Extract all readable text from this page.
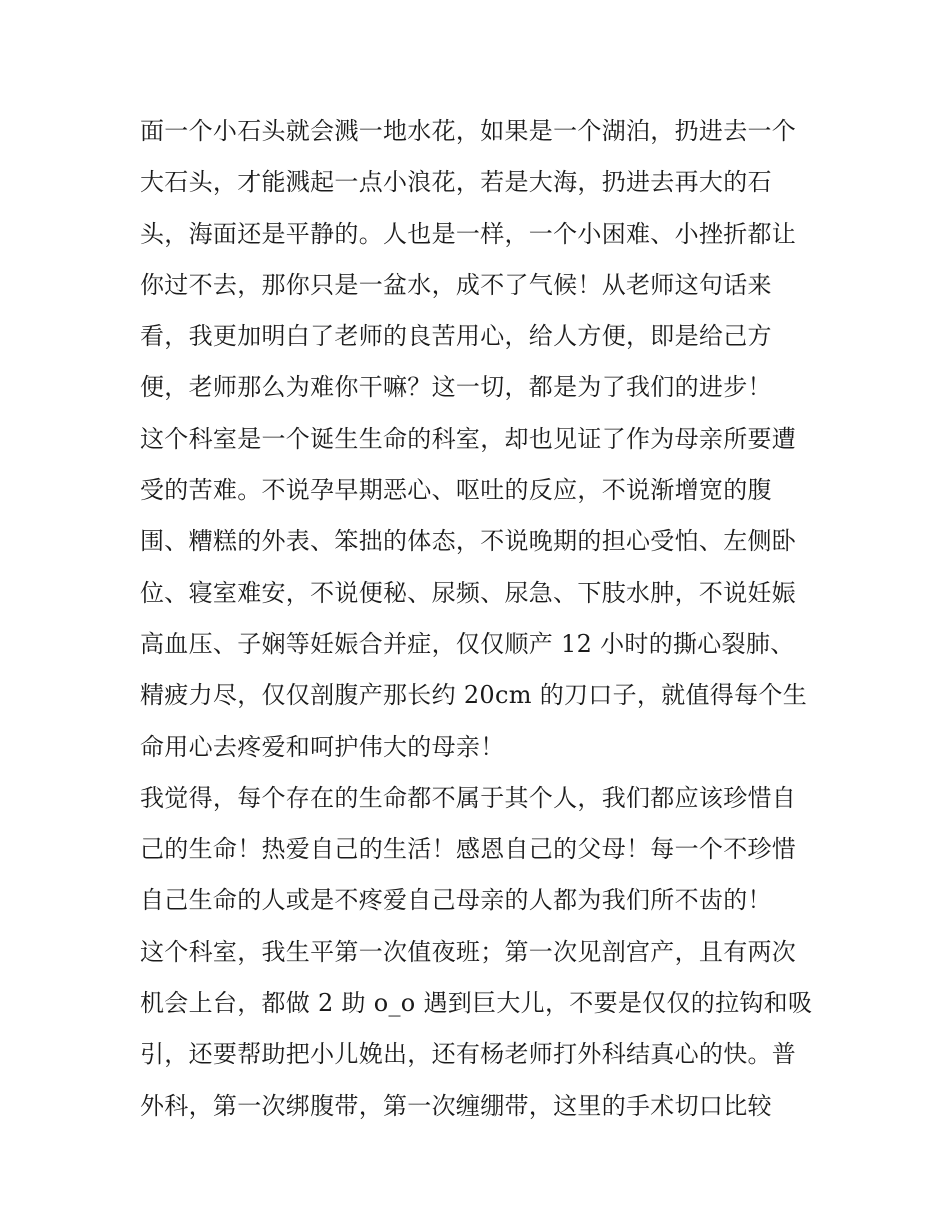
面一个小石头就会溅一地水花，如果是一个湖泊，扔进去一个
大石头，才能溅起一点小浪花，若是大海，扔进去再大的石
头，海面还是平静的。人也是一样，一个小困难、小挫折都让
你过不去，那你只是一盆水，成不了气候！从老师这句话来
看，我更加明白了老师的良苦用心，给人方便，即是给己方
便，老师那么为难你干嘛？这一切，都是为了我们的进步！
这个科室是一个诞生生命的科室，却也见证了作为母亲所要遭
受的苦难。不说孕早期恶心、呕吐的反应，不说渐增宽的腹
围、糟糕的外表、笨拙的体态，不说晚期的担心受怕、左侧卧
位、寝室难安，不说便秘、尿频、尿急、下肢水肿，不说妊娠
高血压、子娴等妊娠合并症，仅仅顺产 12 小时的撕心裂肺、
精疲力尽，仅仅剖腹产那长约 20cm 的刀口子，就值得每个生
命用心去疼爱和呵护伟大的母亲！
我觉得，每个存在的生命都不属于其个人，我们都应该珍惜自
己的生命！热爱自己的生活！感恩自己的父母！每一个不珍惜
自己生命的人或是不疼爱自己母亲的人都为我们所不齿的！
这个科室，我生平第一次值夜班；第一次见剖宫产，且有两次
机会上台，都做 2 助 o_o 遇到巨大儿，不要是仅仅的拉钩和吸
引，还要帮助把小儿娩出，还有杨老师打外科结真心的快。普
外科，第一次绑腹带，第一次缠绷带，这里的手术切口比较
